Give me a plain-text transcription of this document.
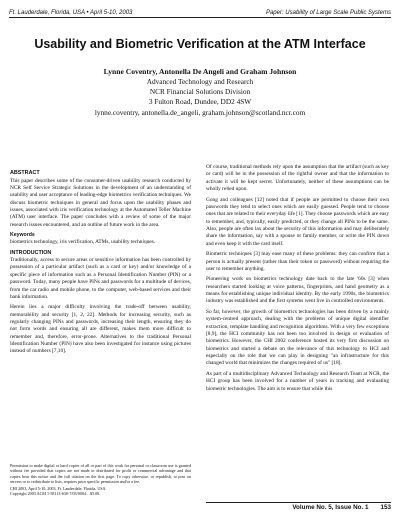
Ft. Lauderdale, Florida, USA • April 5-10, 2003	Paper: Usability of Large Scale Public Systems
Usability and Biometric Verification at the ATM Interface
Lynne Coventry, Antonella De Angeli and Graham Johnson
Advanced Technology and Research
NCR Financial Solutions Division
3 Fulton Road, Dundee, DD2 4SW
lynne.coventry, antonella.de_angeli, graham.johnson@scotland.ncr.com
ABSTRACT

This paper describes some of the consumer-driven usability research conducted by NCR Self Service Strategic Solutions in the development of an understanding of usability and user acceptance of leading-edge biometrics verification techniques. We discuss biometric techniques in general and focus upon the usability phases and issues, associated with iris verification technology at the Automated Teller Machine (ATM) user interface. The paper concludes with a review of some of the major research issues encountered, and an outline of future work in the area.

Keywords

biometrics technology, iris verification, ATMs, usability techniques.

INTRODUCTION

Traditionally, access to secure areas or sensitive information has been controlled by possession of a particular artifact (such as a card or key) and/or knowledge of a specific piece of information such as a Personal Identification Number (PIN) or a password. Today, many people have PINs and passwords for a multitude of devices, from the car radio and mobile phone, to the computer, web-based services and their bank information.

Herein lies a major difficulty involving the trade-off between usability, memorability and security [1, 2, 22]. Methods for increasing security, such as regularly changing PINs and passwords, increasing their length, ensuring they do not form words and ensuring all are different, makes them more difficult to remember and, therefore, error-prone. Alternatives to the traditional Personal Identification Number (PIN) have also been investigated for instance using pictures instead of numbers [7,10].

Permission to make digital or hard copies of all or part of this work for personal or classroom use is granted without fee provided that copies are not made or distributed for profit or commercial advantage and that copies bear this notice and the full citation on the first page. To copy otherwise, or republish, to post on servers or to redistribute to lists, requires prior specific permission and/or a fee.
CHI 2003, April 5-10, 2003, Ft. Lauderdale, Florida, USA.
Copyright 2003 ACM 1-58113-630-7/03/0004…$5.00.

Of course, traditional methods rely upon the assumption that the artifact (such as key or card) will be in the possession of the rightful owner and that the information to activate it will be kept secret. Unfortunately, neither of these assumptions can be wholly relied upon.

Gong and colleagues [12] noted that if people are permitted to choose their own passwords they tend to select ones which are easily guessed. People tend to choose ones that are related to their everyday life [1]. They choose passwords which are easy to remember, and, typically, easily predicted, or they change all PINs to be the same. Also, people are often lax about the security of this information and may deliberately share the information, say with a spouse or family member, or write the PIN down and even keep it with the card itself.

Biometric techniques [3] may ease many of these problems: they can confirm that a person is actually present (rather than their token or password) without requiring the user to remember anything.

Pioneering work on biometrics technology date back to the late '60s [3] when researchers started looking at voice patterns, fingerprints, and hand geometry as a means for establishing unique individual identity. By the early 1990s, the biometrics industry was established and the first systems went live in controlled environments.

So far, however, the growth of biometrics technologies has been driven by a mainly system-centred approach, dealing with the problems of unique digital identifier extraction, template handling and recognition algorithms. With a very few exceptions [8,9], the HCI community has not been too involved in design or evaluation of biometrics. However, the CHI 2002 conference hosted its very first discussion on biometrics and started a debate on the relevance of this technology to HCI and especially on the role that we can play in designing "an infrastructure for this changed world that minimizes the changes required of us" [18].

As part of a multidisciplinary Advanced Technology and Research Team at NCR, the HCI group has been involved for a number of years in tracking and evaluating biometric technologies. The aim is to ensure that while this

Volume No. 5, Issue No. 1 153
